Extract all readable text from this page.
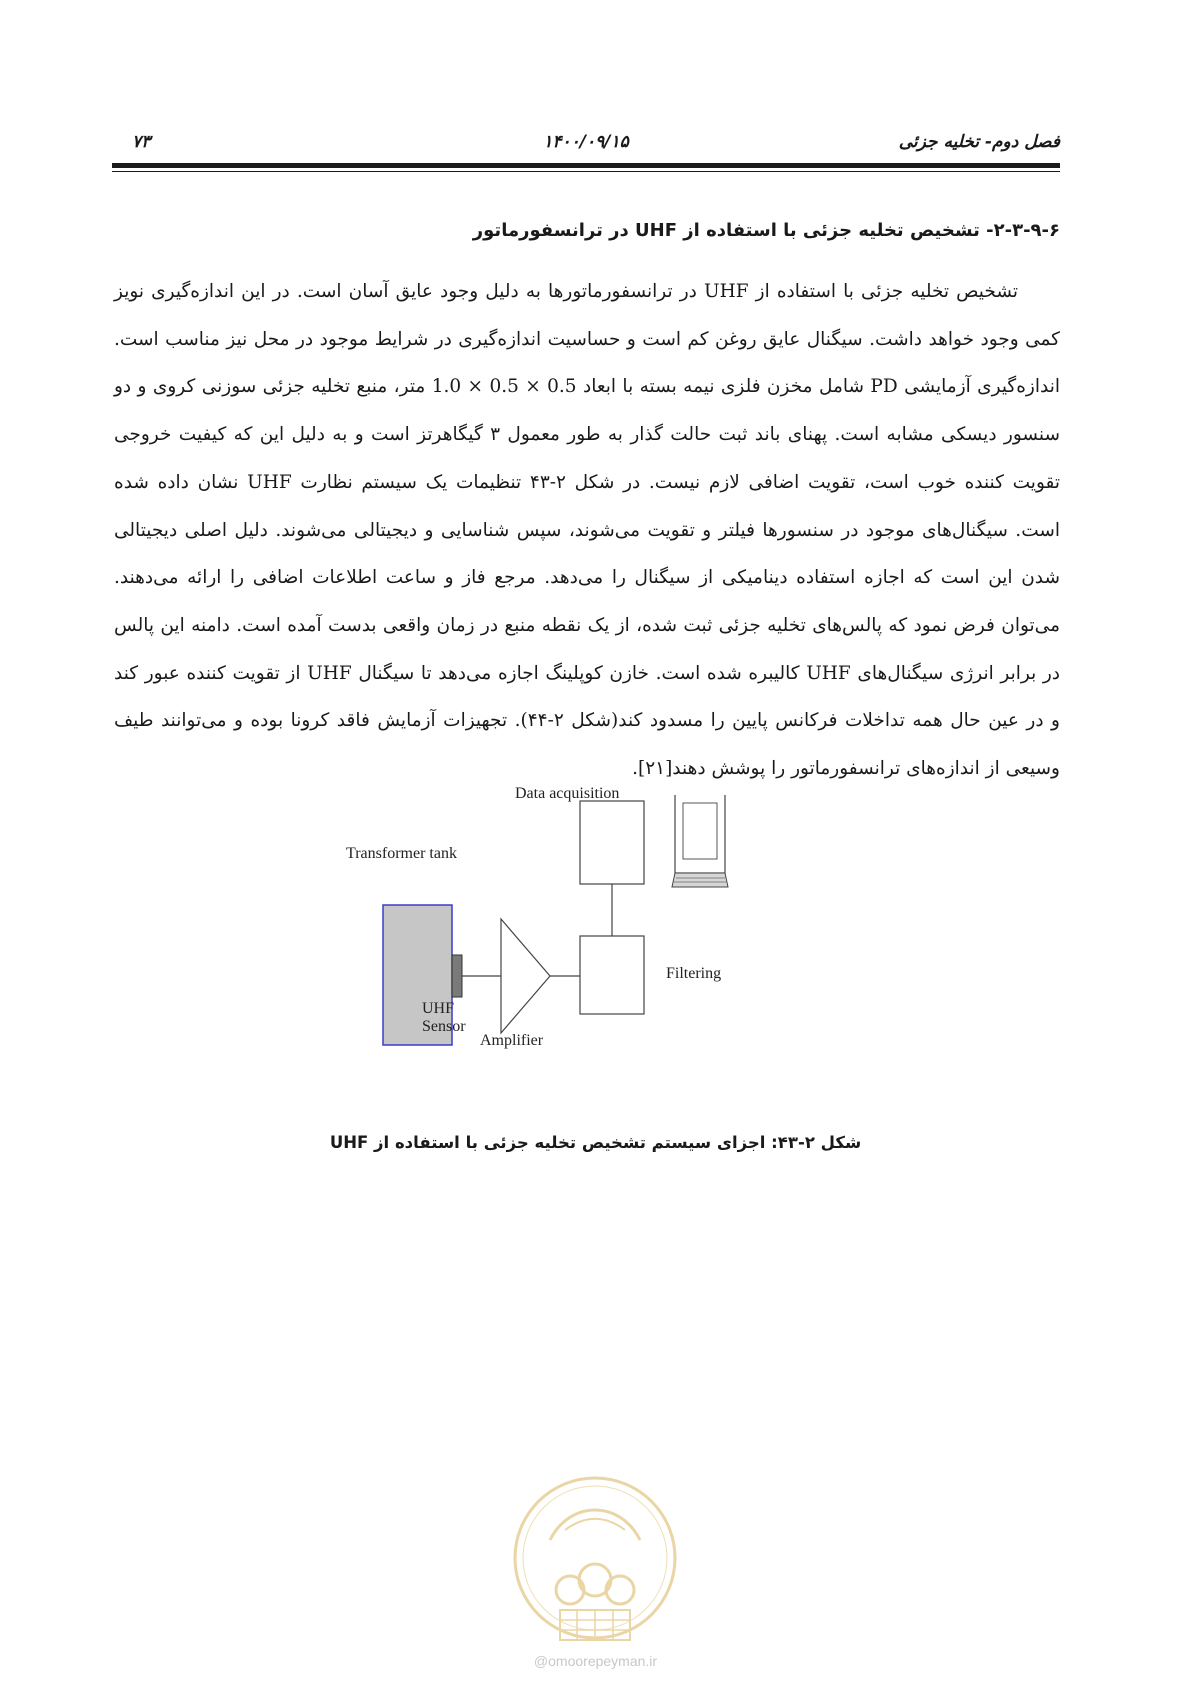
فصل دوم- تخلیه جزئی
۱۴۰۰/۰۹/۱۵
۷۳
۲-۳-۹-۶- تشخیص تخلیه جزئی با استفاده از UHF در ترانسفورماتور

تشخیص تخلیه جزئی با استفاده از UHF در ترانسفورماتورها به دلیل وجود عایق آسان است. در این اندازه‌گیری نویز کمی وجود خواهد داشت. سیگنال عایق روغن کم است و حساسیت اندازه‌گیری در شرایط موجود در محل نیز مناسب است. اندازه‌گیری آزمایشی PD شامل مخزن فلزی نیمه بسته با ابعاد 0.5 × 0.5 × 1.0 متر، منبع تخلیه جزئی سوزنی کروی و دو سنسور دیسکی مشابه است. پهنای باند ثبت حالت گذار به طور معمول ۳ گیگاهرتز است و به دلیل این که کیفیت خروجی تقویت کننده خوب است، تقویت اضافی لازم نیست. در شکل ۲-۴۳ تنظیمات یک سیستم نظارت UHF نشان داده شده است. سیگنال‌های موجود در سنسورها فیلتر و تقویت می‌شوند، سپس شناسایی و دیجیتالی می‌شوند. دلیل اصلی دیجیتالی شدن این است که اجازه استفاده دینامیکی از سیگنال را می‌دهد. مرجع فاز و ساعت اطلاعات اضافی را ارائه می‌دهند. می‌توان فرض نمود که پالس‌های تخلیه جزئی ثبت شده، از یک نقطه منبع در زمان واقعی بدست آمده است. دامنه این پالس در برابر انرژی سیگنال‌های UHF کالیبره شده است. خازن کوپلینگ اجازه می‌دهد تا سیگنال UHF از تقویت کننده عبور کند و در عین حال همه تداخلات فرکانس پایین را مسدود کند(شکل ۲-۴۴). تجهیزات آزمایش فاقد کرونا بوده و می‌توانند طیف وسیعی از اندازه‌های ترانسفورماتور را پوشش دهند[۲۱].

Data acquisition
Transformer tank
UHF
Sensor
Amplifier
Filtering
شکل ۲-۴۳: اجزای سیستم تشخیص تخلیه جزئی با استفاده از UHF
@omoorepeyman.ir
